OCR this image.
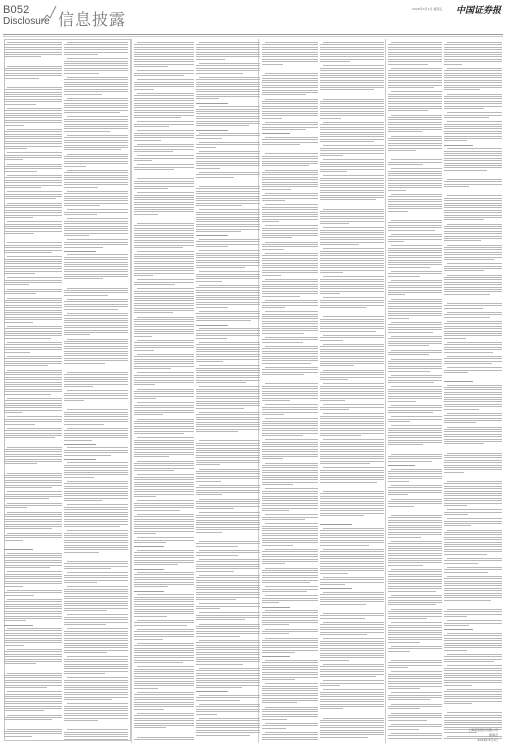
B052
Disclosure 信息披露
2024年3月1日 星期五 中国证券报
上海某某股份有限公司
董事会
2024年3月1日
